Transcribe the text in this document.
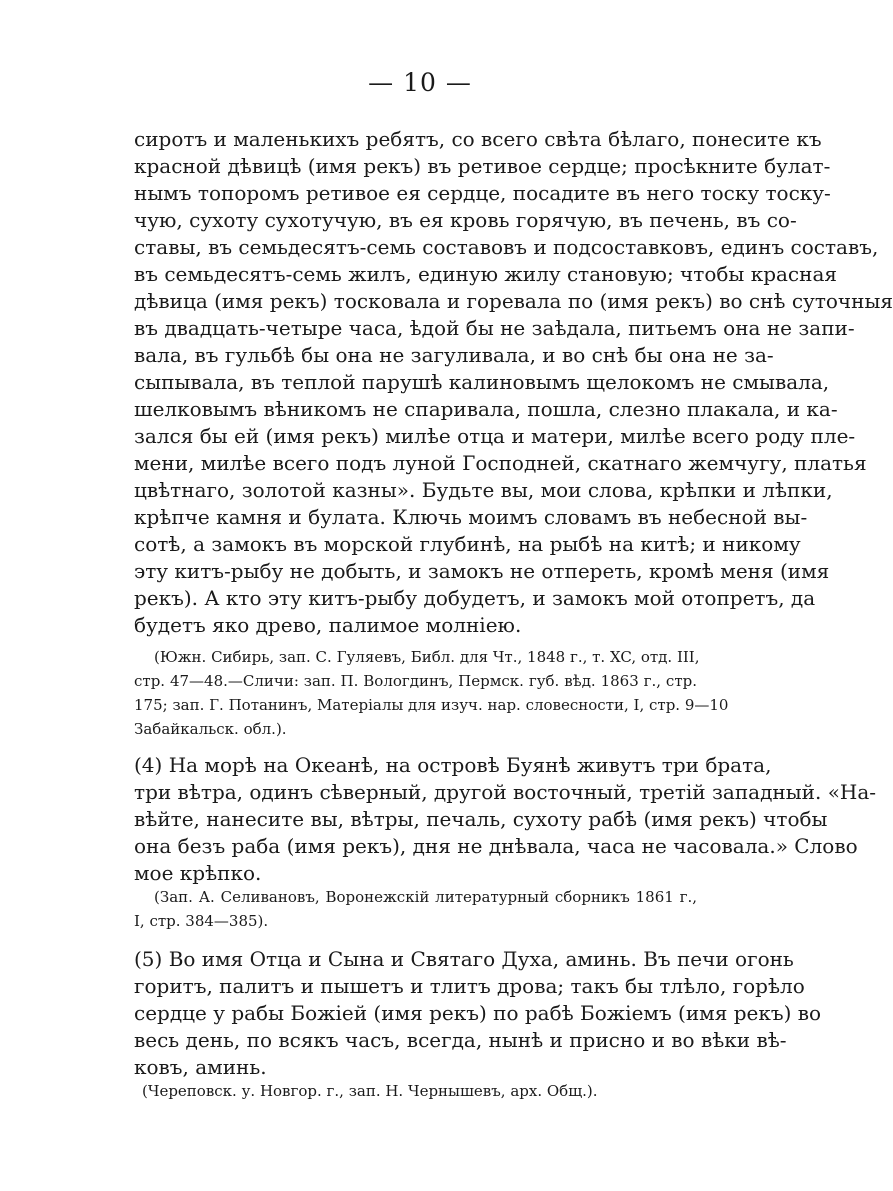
— 10 —
сиротъ и маленькихъ ребятъ, со всего свѣта бѣлаго, понесите къ
красной дѣвицѣ (имя рекъ) въ ретивое сердце; просѣкните булат-
нымъ топоромъ ретивое ея сердце, посадите въ него тоску тоску-
чую, сухоту сухотучую, въ ея кровь горячую, въ печень, въ со-
ставы, въ семьдесятъ-семь составовъ и подсоставковъ, единъ составъ,
въ семьдесятъ-семь жилъ, единую жилу становую; чтобы красная
дѣвица (имя рекъ) тосковала и горевала по (имя рекъ) во снѣ суточныя
въ двадцать-четыре часа, ѣдой бы не заѣдала, питьемъ она не запи-
вала, въ гульбѣ бы она не загуливала, и во снѣ бы она не за-
сыпывала, въ теплой парушѣ калиновымъ щелокомъ не смывала,
шелковымъ вѣникомъ не спаривала, пошла, слезно плакала, и ка-
зался бы ей (имя рекъ) милѣе отца и матери, милѣе всего роду пле-
мени, милѣе всего подъ луной Господней, скатнаго жемчугу, платья
цвѣтнаго, золотой казны». Будьте вы, мои слова, крѣпки и лѣпки,
крѣпче камня и булата. Ключь моимъ словамъ въ небесной вы-
сотѣ, а замокъ въ морской глубинѣ, на рыбѣ на китѣ; и никому
эту китъ-рыбу не добыть, и замокъ не отпереть, кромѣ меня (имя
рекъ). А кто эту китъ-рыбу добудетъ, и замокъ мой отопретъ, да
будетъ яко древо, палимое молніею.
(Южн. Сибирь, зап. С. Гуляевъ, Библ. для Чт., 1848 г., т. XC, отд. III,
стр. 47—48.—Сличи: зап. П. Вологдинъ, Пермск. губ. вѣд. 1863 г., стр.
175; зап. Г. Потанинъ, Матеріалы для изуч. нар. словесности, I, стр. 9—10
Забайкальск. обл.).
(4) На морѣ на Океанѣ, на островѣ Буянѣ живутъ три брата,
три вѣтра, одинъ сѣверный, другой восточный, третій западный. «На-
вѣйте, нанесите вы, вѣтры, печаль, сухоту рабѣ (имя рекъ) чтобы
она безъ раба (имя рекъ), дня не днѣвала, часа не часовала.» Слово
мое крѣпко.
(Зап. А. Селивановъ, Воронежскій литературный сборникъ 1861 г.,
I, стр. 384—385).
(5) Во имя Отца и Сына и Святаго Духа, аминь. Въ печи огонь
горитъ, палитъ и пышетъ и тлитъ дрова; такъ бы тлѣло, горѣло
сердце у рабы Божіей (имя рекъ) по рабѣ Божіемъ (имя рекъ) во
весь день, по всякъ часъ, всегда, нынѣ и присно и во вѣки вѣ-
ковъ, аминь.
(Череповск. у. Новгор. г., зап. Н. Чернышевъ, арх. Общ.).
